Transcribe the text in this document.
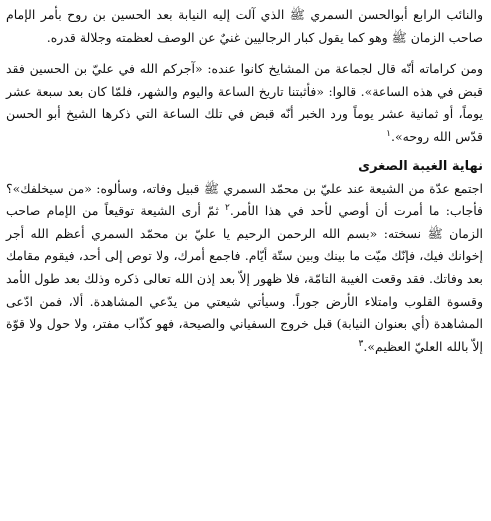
والنائب الرابع أبوالحسن السمري ﷺ الذي آلت إليه النيابة بعد الحسين بن روح بأمر الإمام صاحب الزمان ﷺ وهو كما يقول كبار الرجاليين غنيٌ عن الوصف لعظمته وجلالة قدره.

ومن كراماته أنّه قال لجماعة من المشايخ كانوا عنده: «آجركم الله في عليّ بن الحسين فقد قبض في هذه الساعة». قالوا: «فأثبتنا تاريخ الساعة واليوم والشهر، فلمّا كان بعد سبعة عشر يوماً، أو ثمانية عشر يوماً ورد الخبر أنّه قبض في تلك الساعة التي ذكرها الشيخ أبو الحسن قدّس الله روحه».$^١$

نهاية الغيبة الصغرى

اجتمع عدّة من الشيعة عند عليّ بن محمّد السمري ﷺ قبيل وفاته، وسألوه: «من سيخلفك»؟ فأجاب: ما أمرت أن أوصي لأحد في هذا الأمر.$^٢$ ثمّ أرى الشيعة توقيعاً من الإمام صاحب الزمان ﷺ نسخته: «بسم الله الرحمن الرحيم يا عليّ بن محمّد السمري أعظم الله أجر إخوانك فيك، فإنّك ميّت ما بينك وبين ستّة أيّام. فاجمع أمرك، ولا توص إلى أحد، فيقوم مقامك بعد وفاتك. فقد وقعت الغيبة التامّة، فلا ظهور إلاّ بعد إذن الله تعالى ذكره وذلك بعد طول الأمد وقسوة القلوب وامتلاء الأرض جوراً. وسيأتي شيعتي من يدّعي المشاهدة. ألا، فمن ادّعى المشاهدة (أي بعنوان النيابة) قبل خروج السفياني والصيحة، فهو كذّاب مفتر، ولا حول ولا قوّة إلاّ بالله العليّ العظيم».$^٣$
